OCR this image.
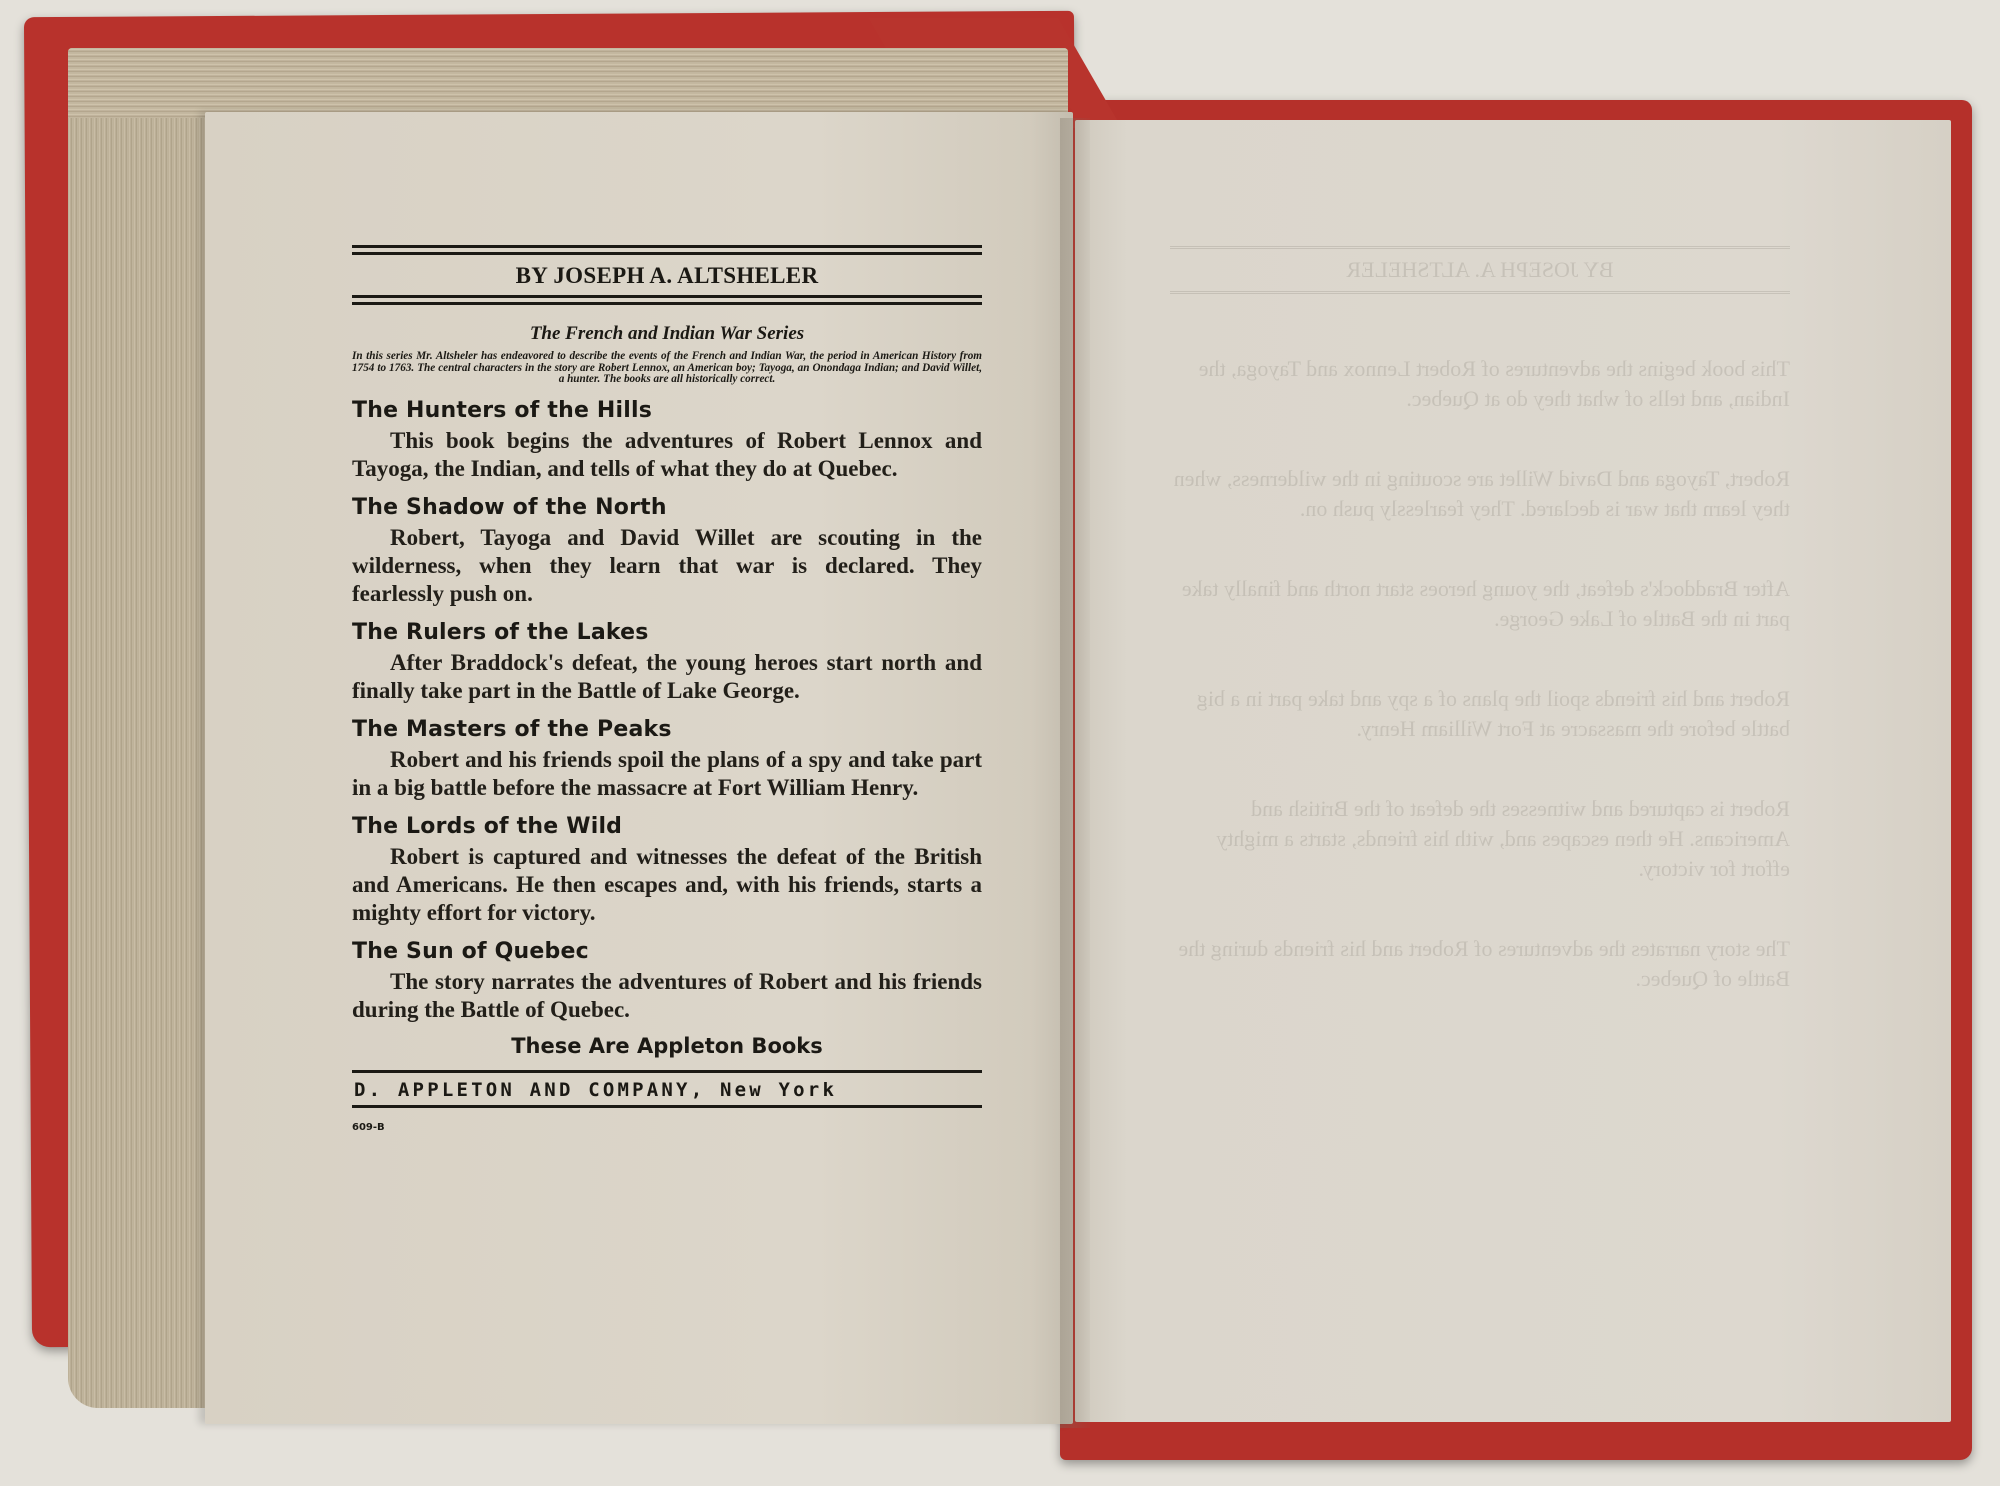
BY JOSEPH A. ALTSHELER
This book begins the adventures of Robert Lennox and Tayoga, the Indian, and tells of what they do at Quebec.
Robert, Tayoga and David Willet are scouting in the wilderness, when they learn that war is declared. They fearlessly push on.
After Braddock's defeat, the young heroes start north and finally take part in the Battle of Lake George.
Robert and his friends spoil the plans of a spy and take part in a big battle before the massacre at Fort William Henry.
Robert is captured and witnesses the defeat of the British and Americans. He then escapes and, with his friends, starts a mighty effort for victory.
The story narrates the adventures of Robert and his friends during the Battle of Quebec.
BY JOSEPH A. ALTSHELER
The French and Indian War Series
In this series Mr. Altsheler has endeavored to describe the events of the French and Indian War, the period in American History from 1754 to 1763. The central characters in the story are Robert Lennox, an American boy; Tayoga, an Onondaga Indian; and David Willet, a hunter. The books are all historically correct.
The Hunters of the Hills
This book begins the adventures of Robert Lennox and Tayoga, the Indian, and tells of what they do at Quebec.
The Shadow of the North
Robert, Tayoga and David Willet are scouting in the wilderness, when they learn that war is declared. They fearlessly push on.
The Rulers of the Lakes
After Braddock's defeat, the young heroes start north and finally take part in the Battle of Lake George.
The Masters of the Peaks
Robert and his friends spoil the plans of a spy and take part in a big battle before the massacre at Fort William Henry.
The Lords of the Wild
Robert is captured and witnesses the defeat of the British and Americans. He then escapes and, with his friends, starts a mighty effort for victory.
The Sun of Quebec
The story narrates the adventures of Robert and his friends during the Battle of Quebec.
These Are Appleton Books
D. APPLETON AND COMPANY, New York
609-B
